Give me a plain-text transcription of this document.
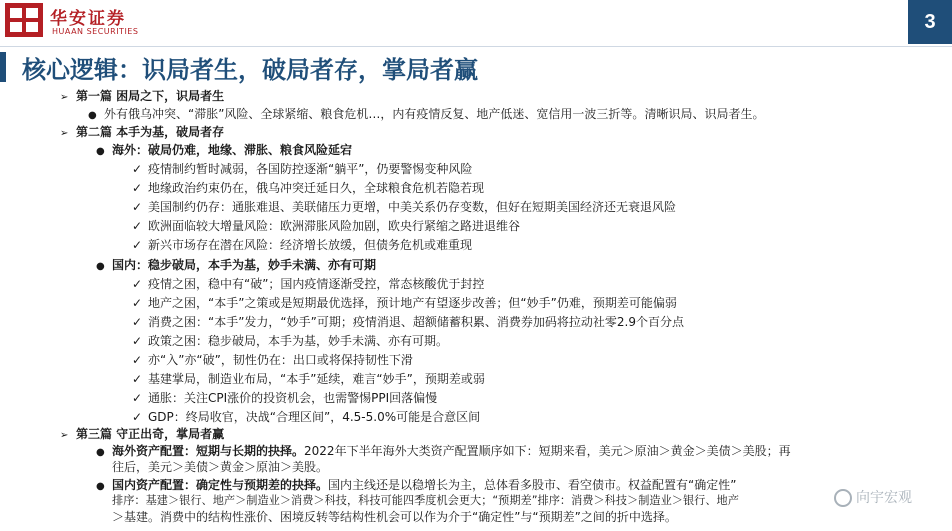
华安证券
HUAAN SECURITIES	3
核心逻辑：识局者生，破局者存，掌局者赢
➢ 第一篇 困局之下，识局者生
● 外有俄乌冲突、“滞胀”风险、全球紧缩、粮食危机…，内有疫情反复、地产低迷、宽信用一波三折等。清晰识局、识局者生。
➢ 第二篇 本手为基，破局者存
● 海外：破局仍难，地缘、滞胀、粮食风险延宕
✓ 疫情制约暂时减弱，各国防控逐渐“躺平”，仍要警惕变种风险
✓ 地缘政治约束仍在，俄乌冲突迁延日久，全球粮食危机若隐若现
✓ 美国制约仍存：通胀难退、美联储压力更增，中美关系仍存变数，但好在短期美国经济还无衰退风险
✓ 欧洲面临较大增量风险：欧洲滞胀风险加剧，欧央行紧缩之路进退维谷
✓ 新兴市场存在潜在风险：经济增长放缓，但债务危机或难重现
● 国内：稳步破局，本手为基，妙手未满、亦有可期
✓ 疫情之困，稳中有“破”；国内疫情逐渐受控，常态核酸优于封控
✓ 地产之困，“本手”之策或是短期最优选择，预计地产有望逐步改善；但“妙手”仍难，预期差可能偏弱
✓ 消费之困：“本手”发力，“妙手”可期；疫情消退、超额储蓄积累、消费券加码将拉动社零2.9个百分点
✓ 政策之困：稳步破局，本手为基，妙手未满、亦有可期。
✓ 亦“入”亦“破”，韧性仍在：出口或将保持韧性下滑
✓ 基建掌局，制造业布局，“本手”延续，难言“妙手”，预期差或弱
✓ 通胀：关注CPI涨价的投资机会，也需警惕PPI回落偏慢
✓ GDP：终局收官，决战“合理区间”，4.5-5.0%可能是合意区间
➢ 第三篇 守正出奇，掌局者赢
● 海外资产配置：短期与长期的抉择。2022年下半年海外大类资产配置顺序如下：短期来看，美元＞原油＞黄金＞美债＞美股；再
往后，美元＞美债＞黄金＞原油＞美股。
● 国内资产配置：确定性与预期差的抉择。国内主线还是以稳增长为主，总体看多股市、看空债市。权益配置有“确定性”
排序：基建＞银行、地产＞制造业＞消费＞科技，科技可能四季度机会更大；“预期差”排序：消费＞科技＞制造业＞银行、地产
＞基建。消费中的结构性涨价、困境反转等结构性机会可以作为介于“确定性”与“预期差”之间的折中选择。
向宇宏观
